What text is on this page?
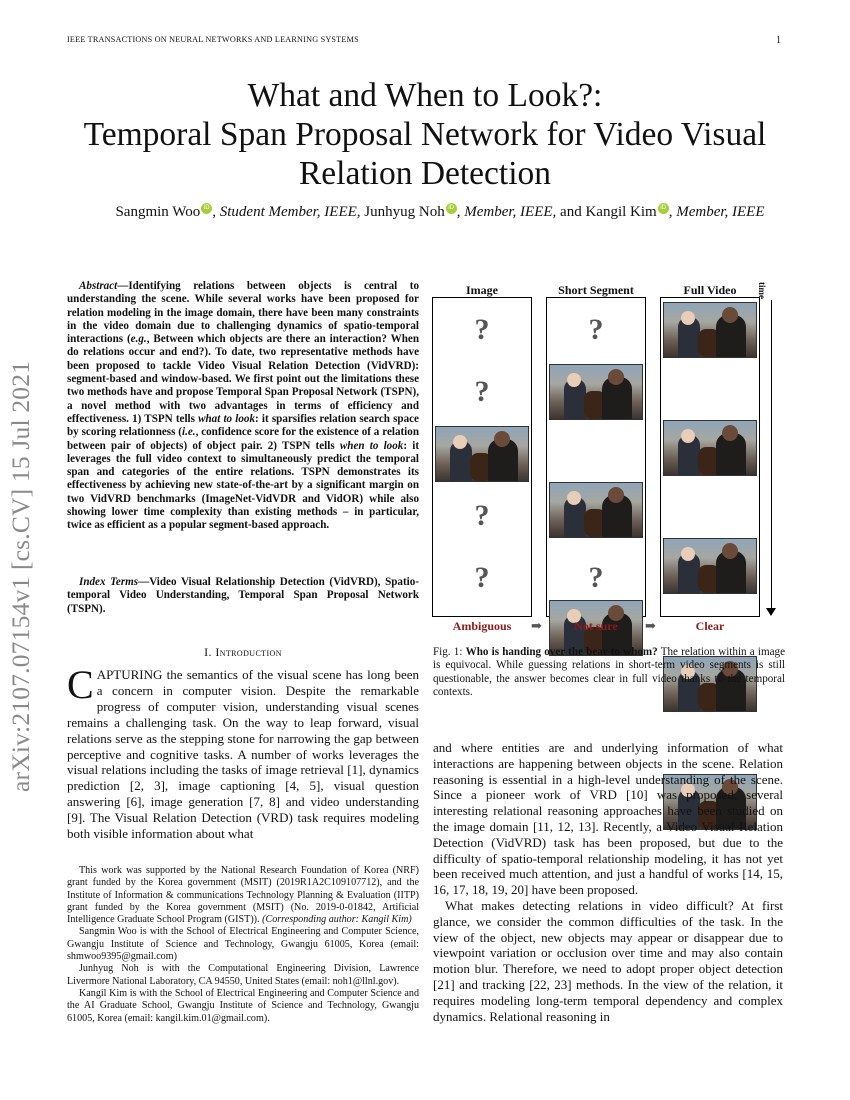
IEEE TRANSACTIONS ON NEURAL NETWORKS AND LEARNING SYSTEMS	1
arXiv:2107.07154v1 [cs.CV] 15 Jul 2021
What and When to Look?:
Temporal Span Proposal Network for Video Visual
Relation Detection
Sangmin Woo iD , Student Member, IEEE, Junhyug Noh iD , Member, IEEE, and Kangil Kim iD , Member, IEEE
Abstract—Identifying relations between objects is central to understanding the scene. While several works have been proposed for relation modeling in the image domain, there have been many constraints in the video domain due to challenging dynamics of spatio-temporal interactions (e.g., Between which objects are there an interaction? When do relations occur and end?). To date, two representative methods have been proposed to tackle Video Visual Relation Detection (VidVRD): segment-based and window-based. We first point out the limitations these two methods have and propose Temporal Span Proposal Network (TSPN), a novel method with two advantages in terms of efficiency and effectiveness. 1) TSPN tells what to look: it sparsifies relation search space by scoring relationness (i.e., confidence score for the existence of a relation between pair of objects) of object pair. 2) TSPN tells when to look: it leverages the full video context to simultaneously predict the temporal span and categories of the entire relations. TSPN demonstrates its effectiveness by achieving new state-of-the-art by a significant margin on two VidVRD benchmarks (ImageNet-VidVDR and VidOR) while also showing lower time complexity than existing methods – in particular, twice as efficient as a popular segment-based approach.
Index Terms—Video Visual Relationship Detection (VidVRD), Spatio-temporal Video Understanding, Temporal Span Proposal Network (TSPN).
I. Introduction
CAPTURING the semantics of the visual scene has long been a concern in computer vision. Despite the remarkable progress of computer vision, understanding visual scenes remains a challenging task. On the way to leap forward, visual relations serve as the stepping stone for narrowing the gap between perceptive and cognitive tasks. A number of works leverages the visual relations including the tasks of image retrieval [1], dynamics prediction [2, 3], image captioning [4, 5], visual question answering [6], image generation [7, 8] and video understanding [9]. The Visual Relation Detection (VRD) task requires modeling both visible information about what

This work was supported by the National Research Foundation of Korea (NRF) grant funded by the Korea government (MSIT) (2019R1A2C109107712), and the Institute of Information & communications Technology Planning & Evaluation (IITP) grant funded by the Korea government (MSIT) (No. 2019-0-01842, Artificial Intelligence Graduate School Program (GIST)). (Corresponding author: Kangil Kim)

Sangmin Woo is with the School of Electrical Engineering and Computer Science, Gwangju Institute of Science and Technology, Gwangju 61005, Korea (email: shmwoo9395@gmail.com)

Junhyug Noh is with the Computational Engineering Division, Lawrence Livermore National Laboratory, CA 94550, United States (email: noh1@llnl.gov).

Kangil Kim is with the School of Electrical Engineering and Computer Science and the AI Graduate School, Gwangju Institute of Science and Technology, Gwangju 61005, Korea (email: kangil.kim.01@gmail.com).

Image	Short Segment	Full Video
?
?
?
?
?
?
time
Ambiguous	➡	Not sure	➡	Clear
Fig. 1: Who is handing over the bear to whom? The relation within a image is equivocal. While guessing relations in short-term video segments is still questionable, the answer becomes clear in full video thanks to the temporal contexts.

and where entities are and underlying information of what interactions are happening between objects in the scene. Relation reasoning is essential in a high-level understanding of the scene. Since a pioneer work of VRD [10] was proposed, several interesting relational reasoning approaches have been studied on the image domain [11, 12, 13]. Recently, a Video Visual Relation Detection (VidVRD) task has been proposed, but due to the difficulty of spatio-temporal relationship modeling, it has not yet been received much attention, and just a handful of works [14, 15, 16, 17, 18, 19, 20] have been proposed.

What makes detecting relations in video difficult? At first glance, we consider the common difficulties of the task. In the view of the object, new objects may appear or disappear due to viewpoint variation or occlusion over time and may also contain motion blur. Therefore, we need to adopt proper object detection [21] and tracking [22, 23] methods. In the view of the relation, it requires modeling long-term temporal dependency and complex dynamics. Relational reasoning in
